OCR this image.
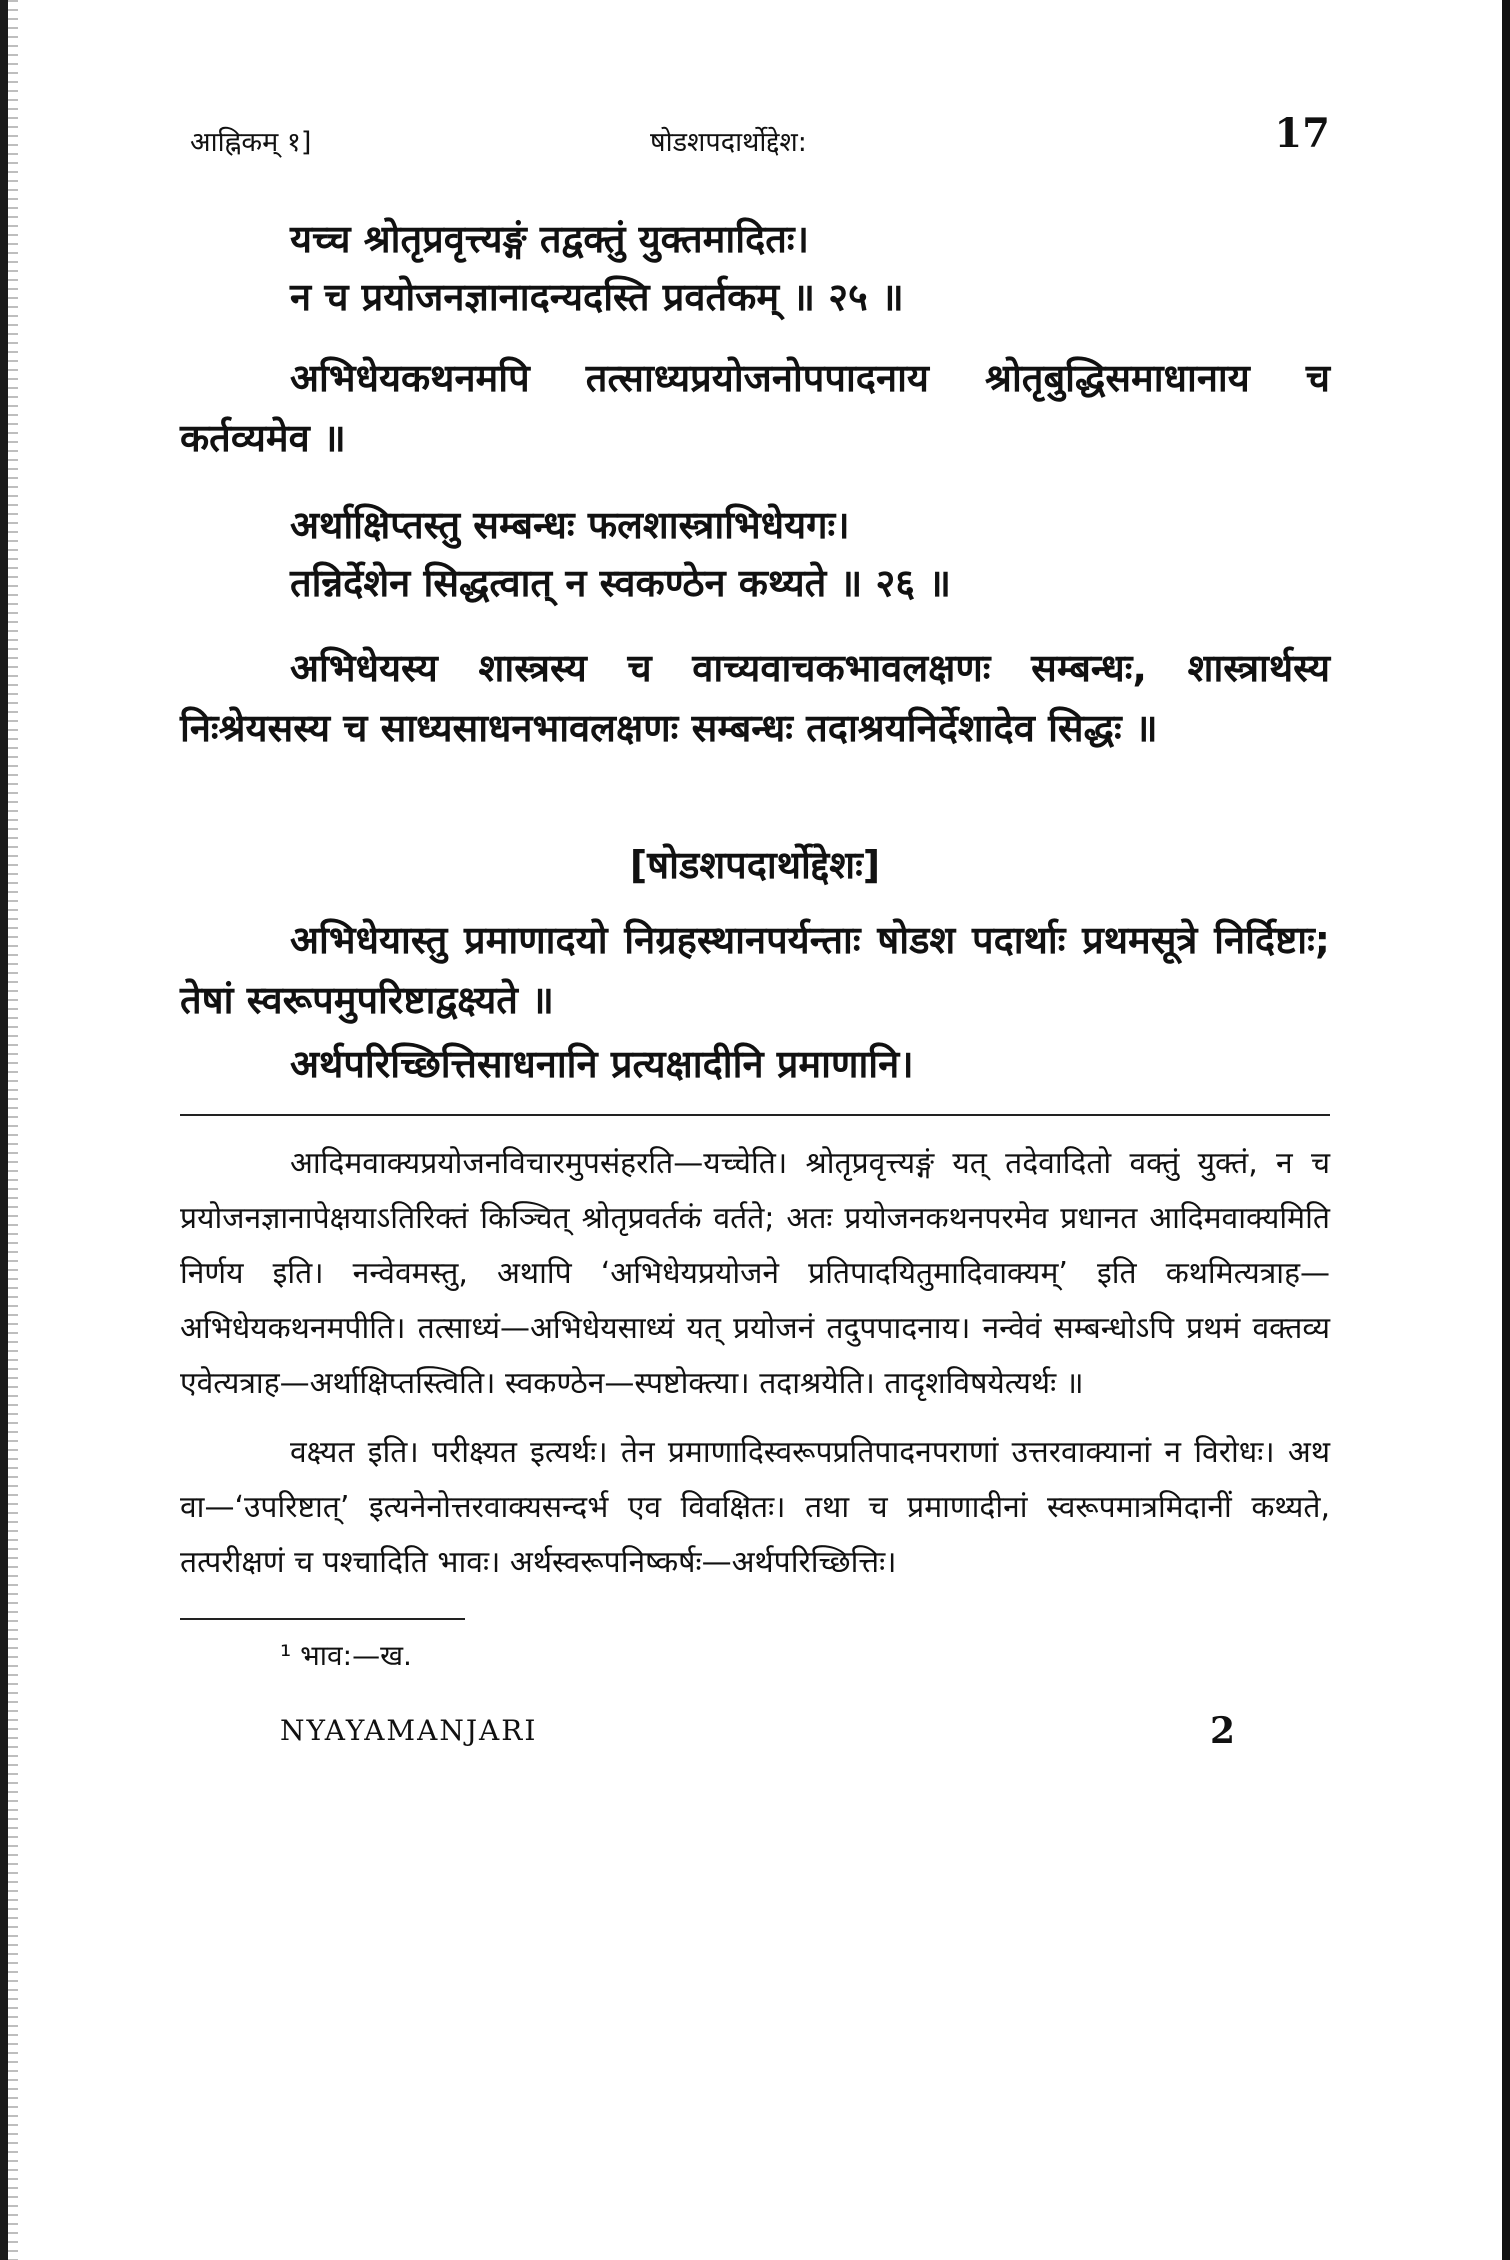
आह्निकम् १]	षोडशपदार्थोद्देश:	17
यच्च श्रोतृप्रवृत्त्यङ्गं तद्वक्तुं युक्तमादितः।
न च प्रयोजनज्ञानादन्यदस्ति प्रवर्तकम् ॥ २५ ॥
अभिधेयकथनमपि तत्साध्यप्रयोजनोपपादनाय श्रोतृबुद्धिसमाधानाय च कर्तव्यमेव ॥
अर्थाक्षिप्तस्तु सम्बन्धः फलशास्त्राभिधेयगः।
तन्निर्देशेन सिद्धत्वात् न स्वकण्ठेन कथ्यते ॥ २६ ॥
अभिधेयस्य शास्त्रस्य च वाच्यवाचकभावलक्षणः सम्बन्धः, शास्त्रार्थस्य निःश्रेयसस्य च साध्यसाधनभावलक्षणः सम्बन्धः तदाश्रयनिर्देशादेव सिद्धः ॥
[षोडशपदार्थोद्देशः]
अभिधेयास्तु प्रमाणादयो निग्रहस्थानपर्यन्ताः षोडश पदार्थाः प्रथमसूत्रे निर्दिष्टाः; तेषां स्वरूपमुपरिष्टाद्वक्ष्यते ॥
अर्थपरिच्छित्तिसाधनानि प्रत्यक्षादीनि प्रमाणानि।
आदिमवाक्यप्रयोजनविचारमुपसंहरति—यच्चेति। श्रोतृप्रवृत्त्यङ्गं यत् तदेवादितो वक्तुं युक्तं, न च प्रयोजनज्ञानापेक्षयाऽतिरिक्तं किञ्चित् श्रोतृप्रवर्तकं वर्तते; अतः प्रयोजनकथनपरमेव प्रधानत आदिमवाक्यमिति निर्णय इति। नन्वेवमस्तु, अथापि ‘अभिधेयप्रयोजने प्रतिपादयितुमादिवाक्यम्’ इति कथमित्यत्राह—अभिधेयकथनमपीति। तत्साध्यं—अभिधेयसाध्यं यत् प्रयोजनं तदुपपादनाय। नन्वेवं सम्बन्धोऽपि प्रथमं वक्तव्य एवेत्यत्राह—अर्थाक्षिप्तस्त्विति। स्वकण्ठेन—स्पष्टोक्त्या। तदाश्रयेति। तादृशविषयेत्यर्थः ॥
वक्ष्यत इति। परीक्ष्यत इत्यर्थः। तेन प्रमाणादिस्वरूपप्रतिपादनपराणां उत्तरवाक्यानां न विरोधः। अथ वा—‘उपरिष्टात्’ इत्यनेनोत्तरवाक्यसन्दर्भ एव विवक्षितः। तथा च प्रमाणादीनां स्वरूपमात्रमिदानीं कथ्यते, तत्परीक्षणं च पश्चादिति भावः। अर्थस्वरूपनिष्कर्षः—अर्थपरिच्छित्तिः।
¹ भाव:—ख.
NYAYAMANJARI	2
